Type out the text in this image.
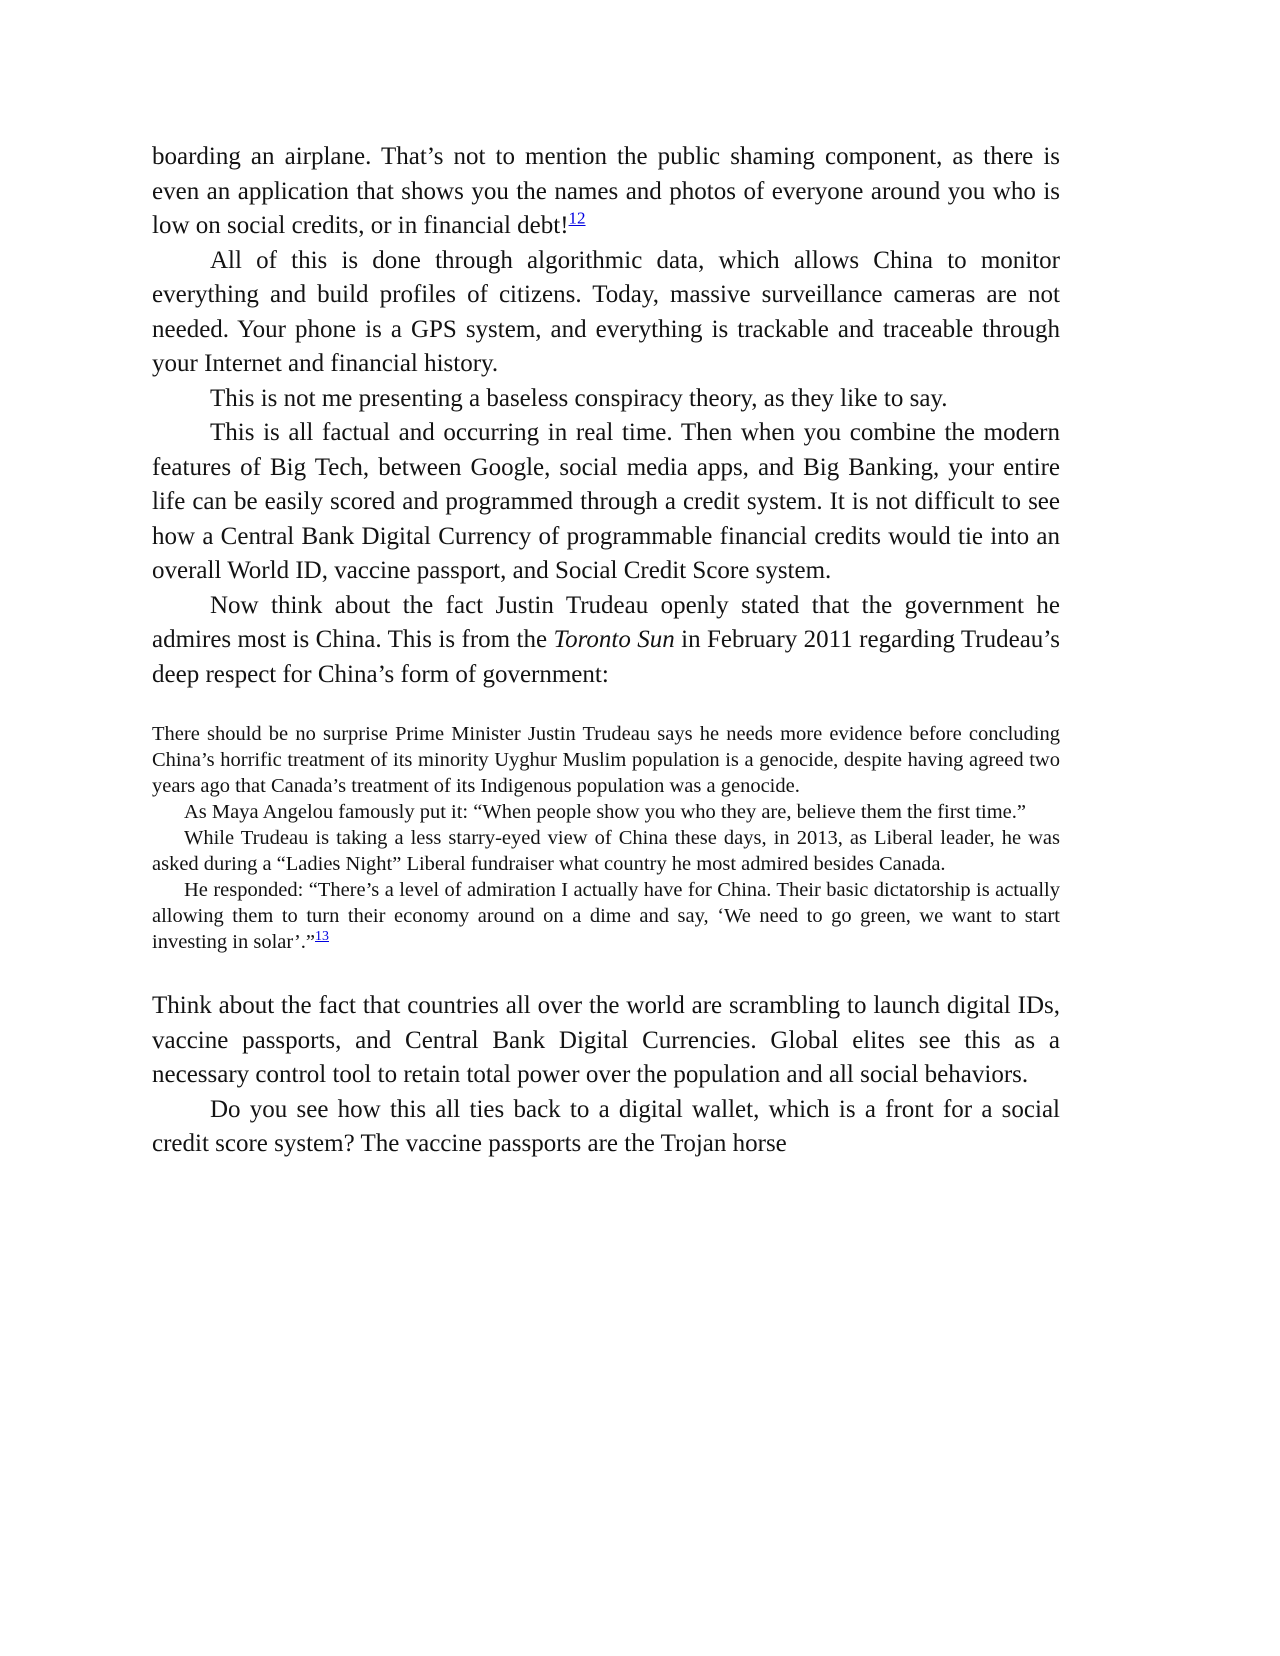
boarding an airplane. That’s not to mention the public shaming component, as there is even an application that shows you the names and photos of everyone around you who is low on social credits, or in financial debt!$^{12}$

All of this is done through algorithmic data, which allows China to monitor everything and build profiles of citizens. Today, massive surveillance cameras are not needed. Your phone is a GPS system, and everything is trackable and traceable through your Internet and financial history.

This is not me presenting a baseless conspiracy theory, as they like to say.

This is all factual and occurring in real time. Then when you combine the modern features of Big Tech, between Google, social media apps, and Big Banking, your entire life can be easily scored and programmed through a credit system. It is not difficult to see how a Central Bank Digital Currency of programmable financial credits would tie into an overall World ID, vaccine passport, and Social Credit Score system.

Now think about the fact Justin Trudeau openly stated that the government he admires most is China. This is from the Toronto Sun in February 2011 regarding Trudeau’s deep respect for China’s form of government:

There should be no surprise Prime Minister Justin Trudeau says he needs more evidence before concluding China’s horrific treatment of its minority Uyghur Muslim population is a genocide, despite having agreed two years ago that Canada’s treatment of its Indigenous population was a genocide.

As Maya Angelou famously put it: “When people show you who they are, believe them the first time.”

While Trudeau is taking a less starry-eyed view of China these days, in 2013, as Liberal leader, he was asked during a “Ladies Night” Liberal fundraiser what country he most admired besides Canada.

He responded: “There’s a level of admiration I actually have for China. Their basic dictatorship is actually allowing them to turn their economy around on a dime and say, ‘We need to go green, we want to start investing in solar’.”$^{13}$

Think about the fact that countries all over the world are scrambling to launch digital IDs, vaccine passports, and Central Bank Digital Currencies. Global elites see this as a necessary control tool to retain total power over the population and all social behaviors.

Do you see how this all ties back to a digital wallet, which is a front for a social credit score system? The vaccine passports are the Trojan horse
